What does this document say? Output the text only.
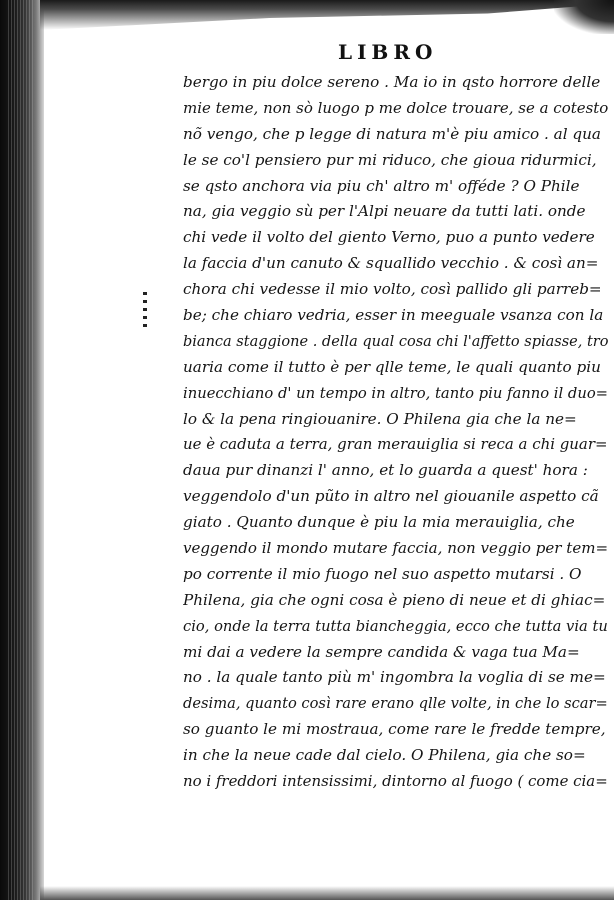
LIBRO
bergo in piu dolce sereno . Ma io in qsto horrore delle
mie teme, non sò luogo p me dolce trouare, se a cotesto
nõ vengo, che p legge di natura m'è piu amico . al qua
le se co'l pensiero pur mi riduco, che gioua ridurmici,
se qsto anchora via piu ch' altro m' offéde ? O Phile
na, gia veggio sù per l'Alpi neuare da tutti lati. onde
chi vede il volto del giento Verno, puo a punto vedere
la faccia d'un canuto & squallido vecchio . & così an=
chora chi vedesse il mio volto, così pallido gli parreb=
be; che chiaro vedria, esser in meeguale vsanza con la
bianca staggione . della qual cosa chi l'affetto spiasse, tro
uaria come il tutto è per qlle teme, le quali quanto piu
inuecchiano d' un tempo in altro, tanto piu fanno il duo=
lo & la pena ringiouanire. O Philena gia che la ne=
ue è caduta a terra, gran merauiglia si reca a chi guar=
daua pur dinanzi l' anno, et lo guarda a quest' hora :
veggendolo d'un pũto in altro nel giouanile aspetto cã
giato . Quanto dunque è piu la mia merauiglia, che
veggendo il mondo mutare faccia, non veggio per tem=
po corrente il mio fuogo nel suo aspetto mutarsi . O
Philena, gia che ogni cosa è pieno di neue et di ghiac=
cio, onde la terra tutta biancheggia, ecco che tutta via tu
mi dai a vedere la sempre candida & vaga tua Ma=
no . la quale tanto più m' ingombra la voglia di se me=
desima, quanto così rare erano qlle volte, in che lo scar=
so guanto le mi mostraua, come rare le fredde tempre,
in che la neue cade dal cielo. O Philena, gia che so=
no i freddori intensissimi, dintorno al fuogo ( come cia=
